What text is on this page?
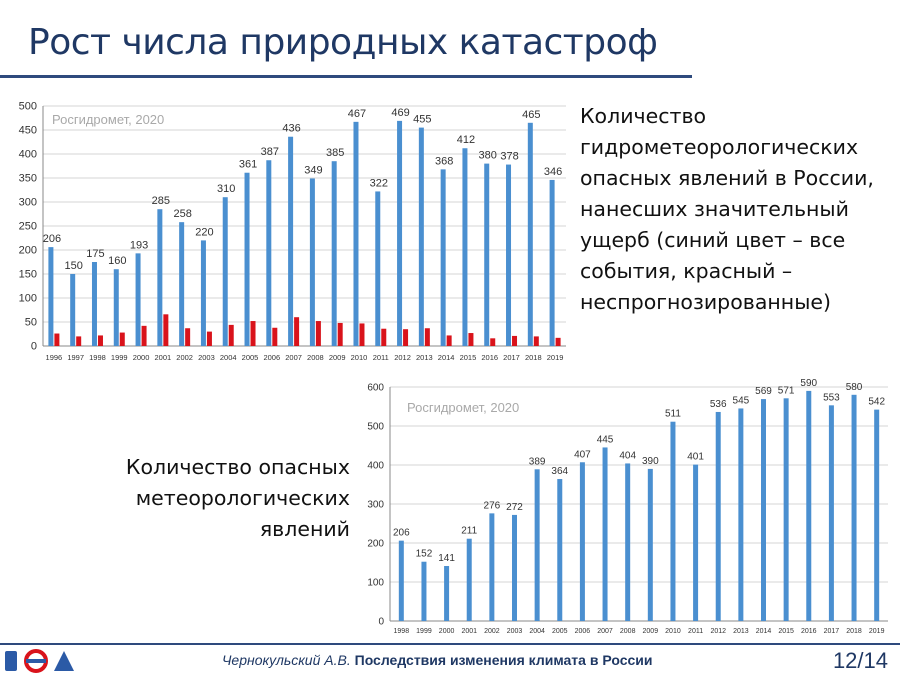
Рост числа природных катастроф
0
50
100
150
200
250
300
350
400
450
500
Росгидромет, 2020
1996
206
1997
150
1998
175
1999
160
2000
193
2001
285
2002
258
2003
220
2004
310
2005
361
2006
387
2007
436
2008
349
2009
385
2010
467
2011
322
2012
469
2013
455
2014
368
2015
412
2016
380
2017
378
2018
465
2019
346
Количество гидрометеорологических опасных явлений в России, нанесших значительный ущерб (синий цвет – все события, красный – неспрогнозированные)
Количество опасных метеорологических явлений
0
100
200
300
400
500
600
Росгидромет, 2020
1998
206
1999
152
2000
141
2001
211
2002
276
2003
272
2004
389
2005
364
2006
407
2007
445
2008
404
2009
390
2010
511
2011
401
2012
536
2013
545
2014
569
2015
571
2016
590
2017
553
2018
580
2019
542
ИФА
Чернокульский А.В. Последствия изменения климата в России	12/14
